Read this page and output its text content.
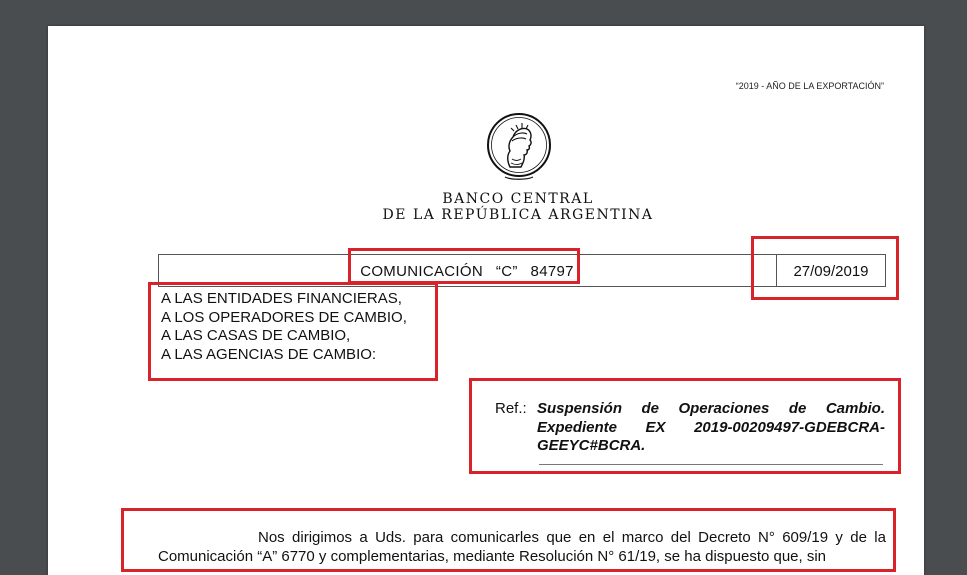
“2019 - AÑO DE LA EXPORTACIÓN”
BANCO CENTRAL
DE LA REPÚBLICA ARGENTINA
COMUNICACIÓN  “C”  84797	27/09/2019
A LAS ENTIDADES FINANCIERAS,
A LOS OPERADORES DE CAMBIO,
A LAS CASAS DE CAMBIO,
A LAS AGENCIAS DE CAMBIO:
Ref.: Suspensión de Operaciones de Cambio. Expediente EX 2019-00209497-GDEBCRA-GEEYC#BCRA.
Nos dirigimos a Uds. para comunicarles que en el marco del Decreto N° 609/19 y de la Comunicación “A” 6770 y complementarias, mediante Resolución N° 61/19, se ha dispuesto que, sin
